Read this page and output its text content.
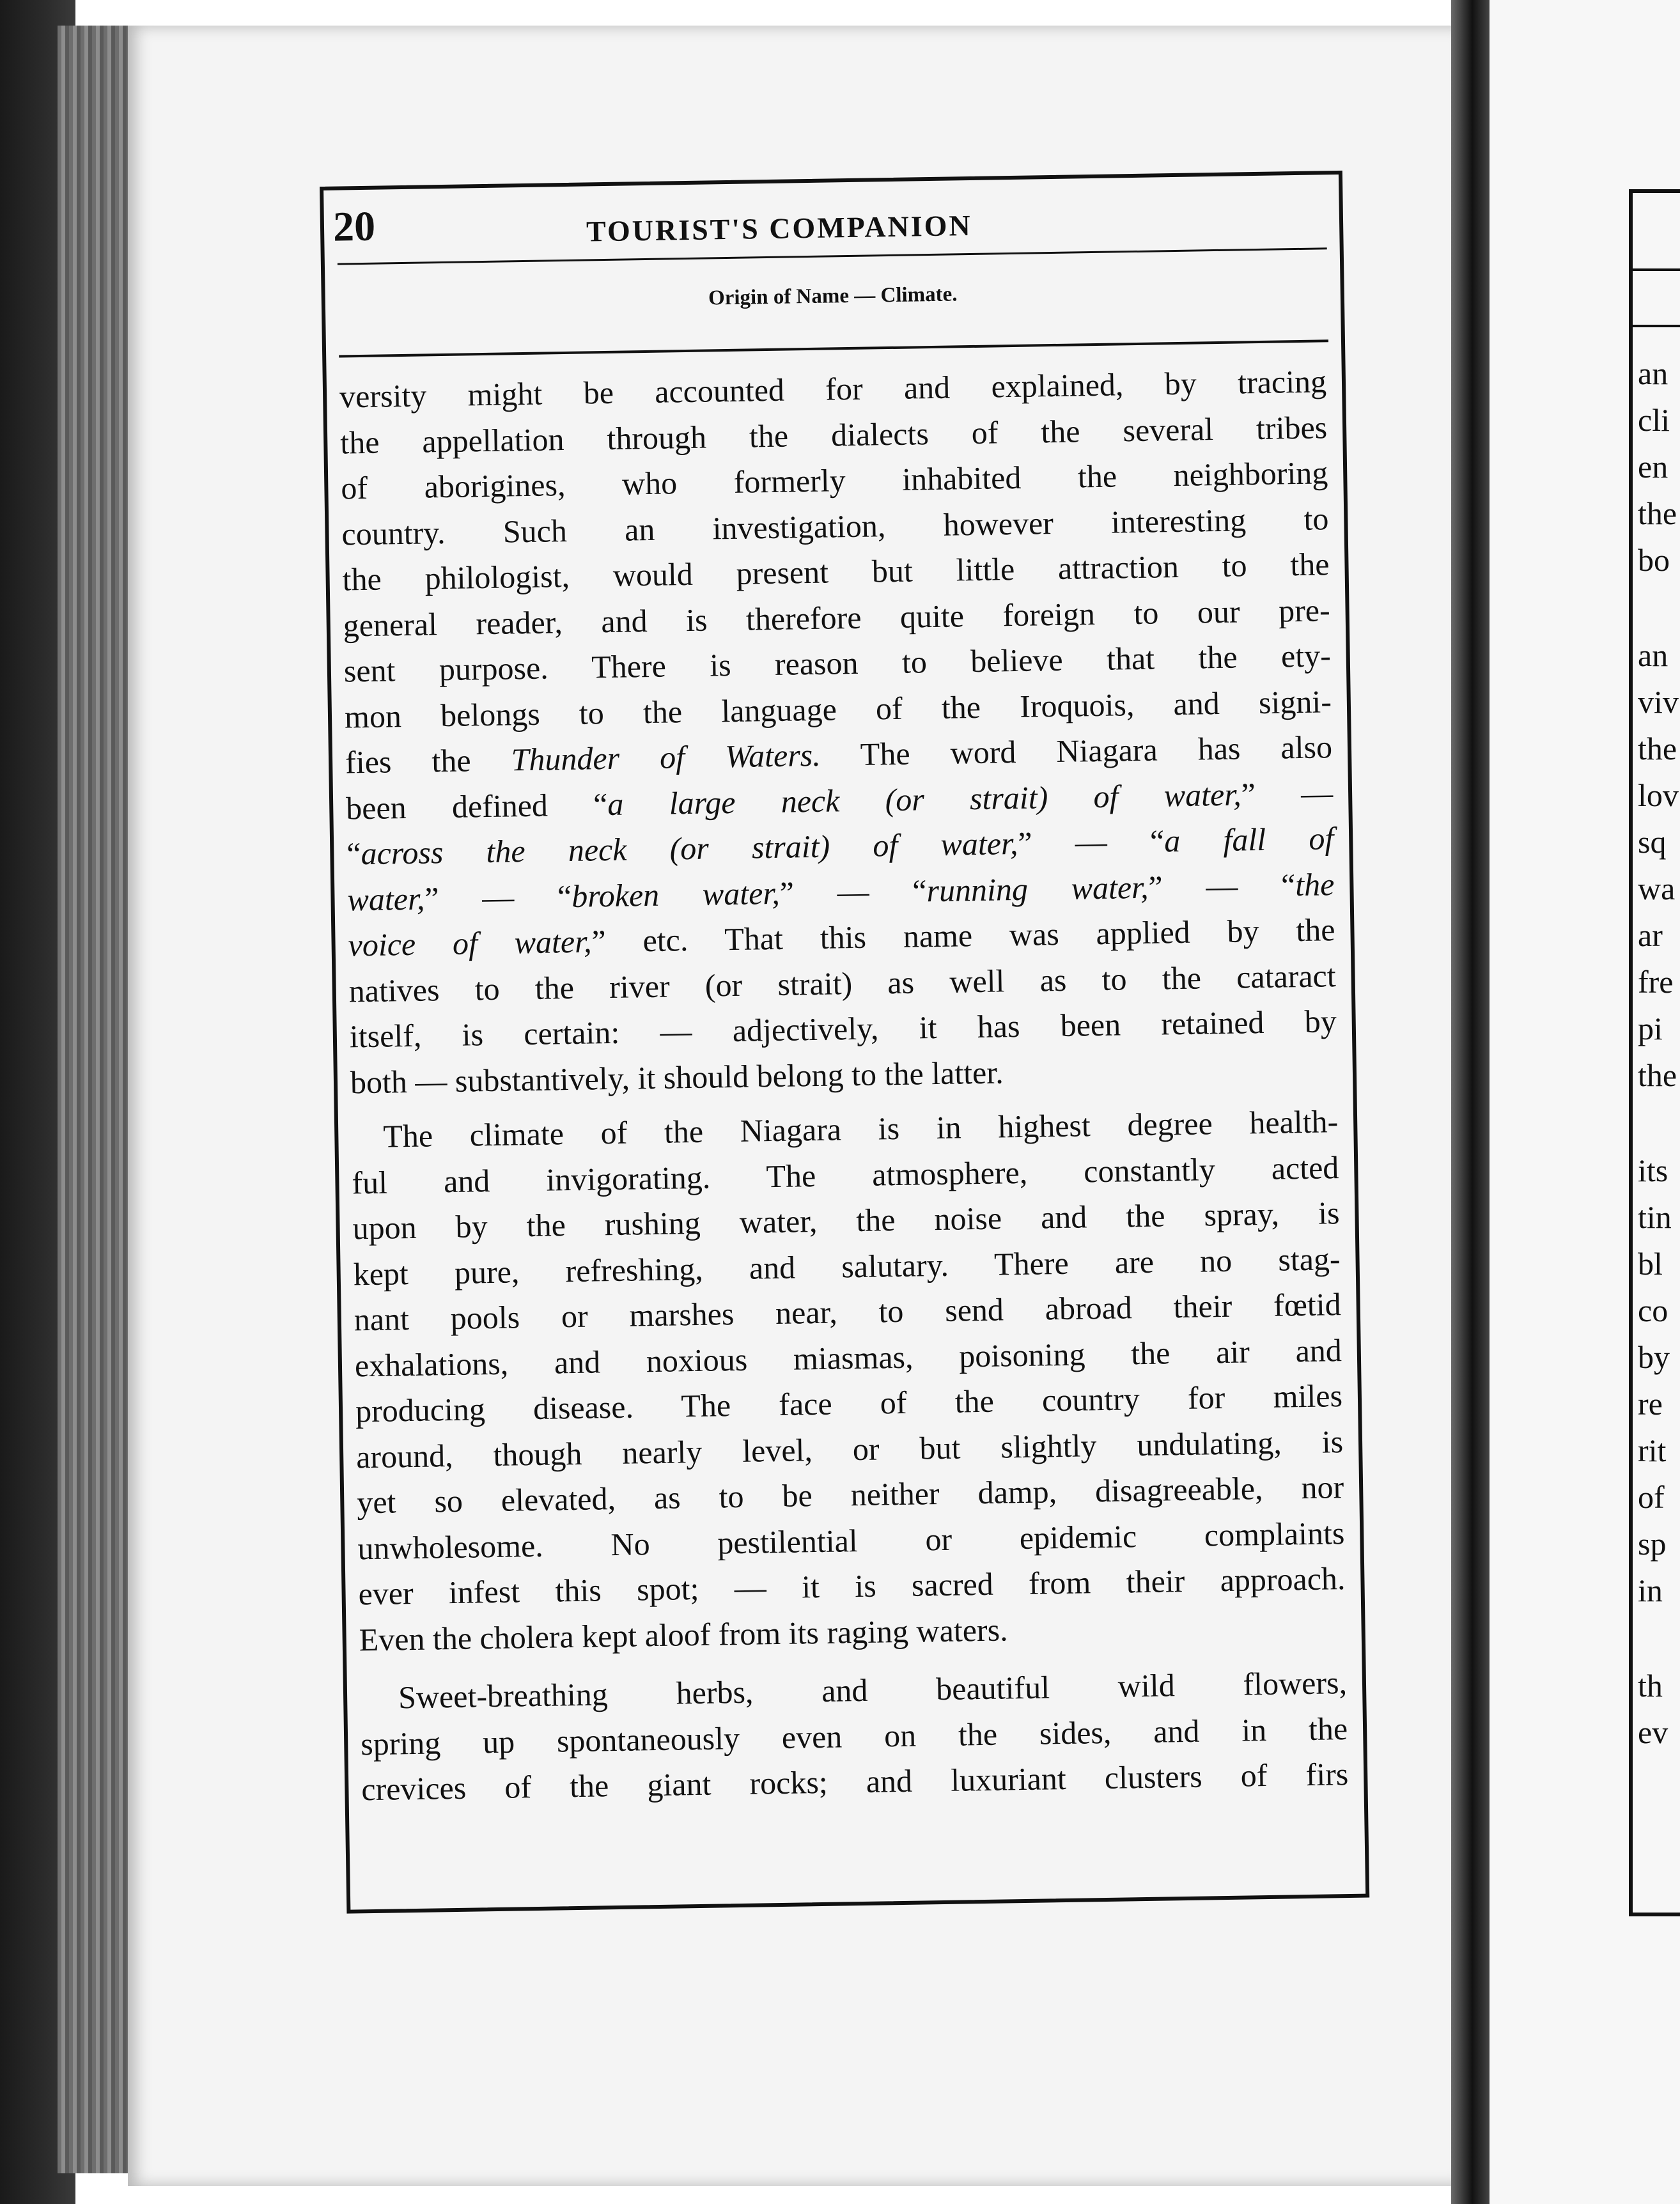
20	TOURIST'S COMPANION

Origin of Name — Climate.

versity might be accounted for and explained, by tracing
the appellation through the dialects of the several tribes
of aborigines, who formerly inhabited the neighboring
country. Such an investigation, however interesting to
the philologist, would present but little attraction to the
general reader, and is therefore quite foreign to our pre-
sent purpose. There is reason to believe that the ety-
mon belongs to the language of the Iroquois, and signi-
fies the Thunder of Waters. The word Niagara has also
been defined “a large neck (or strait) of water,” —
“across the neck (or strait) of water,” — “a fall of
water,” — “broken water,” — “running water,” — “the
voice of water,” etc. That this name was applied by the
natives to the river (or strait) as well as to the cataract
itself, is certain: — adjectively, it has been retained by
both — substantively, it should belong to the latter.
The climate of the Niagara is in highest degree health-
ful and invigorating. The atmosphere, constantly acted
upon by the rushing water, the noise and the spray, is
kept pure, refreshing, and salutary. There are no stag-
nant pools or marshes near, to send abroad their fœtid
exhalations, and noxious miasmas, poisoning the air and
producing disease. The face of the country for miles
around, though nearly level, or but slightly undulating, is
yet so elevated, as to be neither damp, disagreeable, nor
unwholesome. No pestilential or epidemic complaints
ever infest this spot; — it is sacred from their approach.
Even the cholera kept aloof from its raging waters.
Sweet-breathing herbs, and beautiful wild flowers,
spring up spontaneously even on the sides, and in the
crevices of the giant rocks; and luxuriant clusters of firs
an
cli
en
the
bo
an
viv
the
lov
sq
wa
ar
fre
pi
the
its
tin
bl
co
by
re
rit
of
sp
in
th
ev
